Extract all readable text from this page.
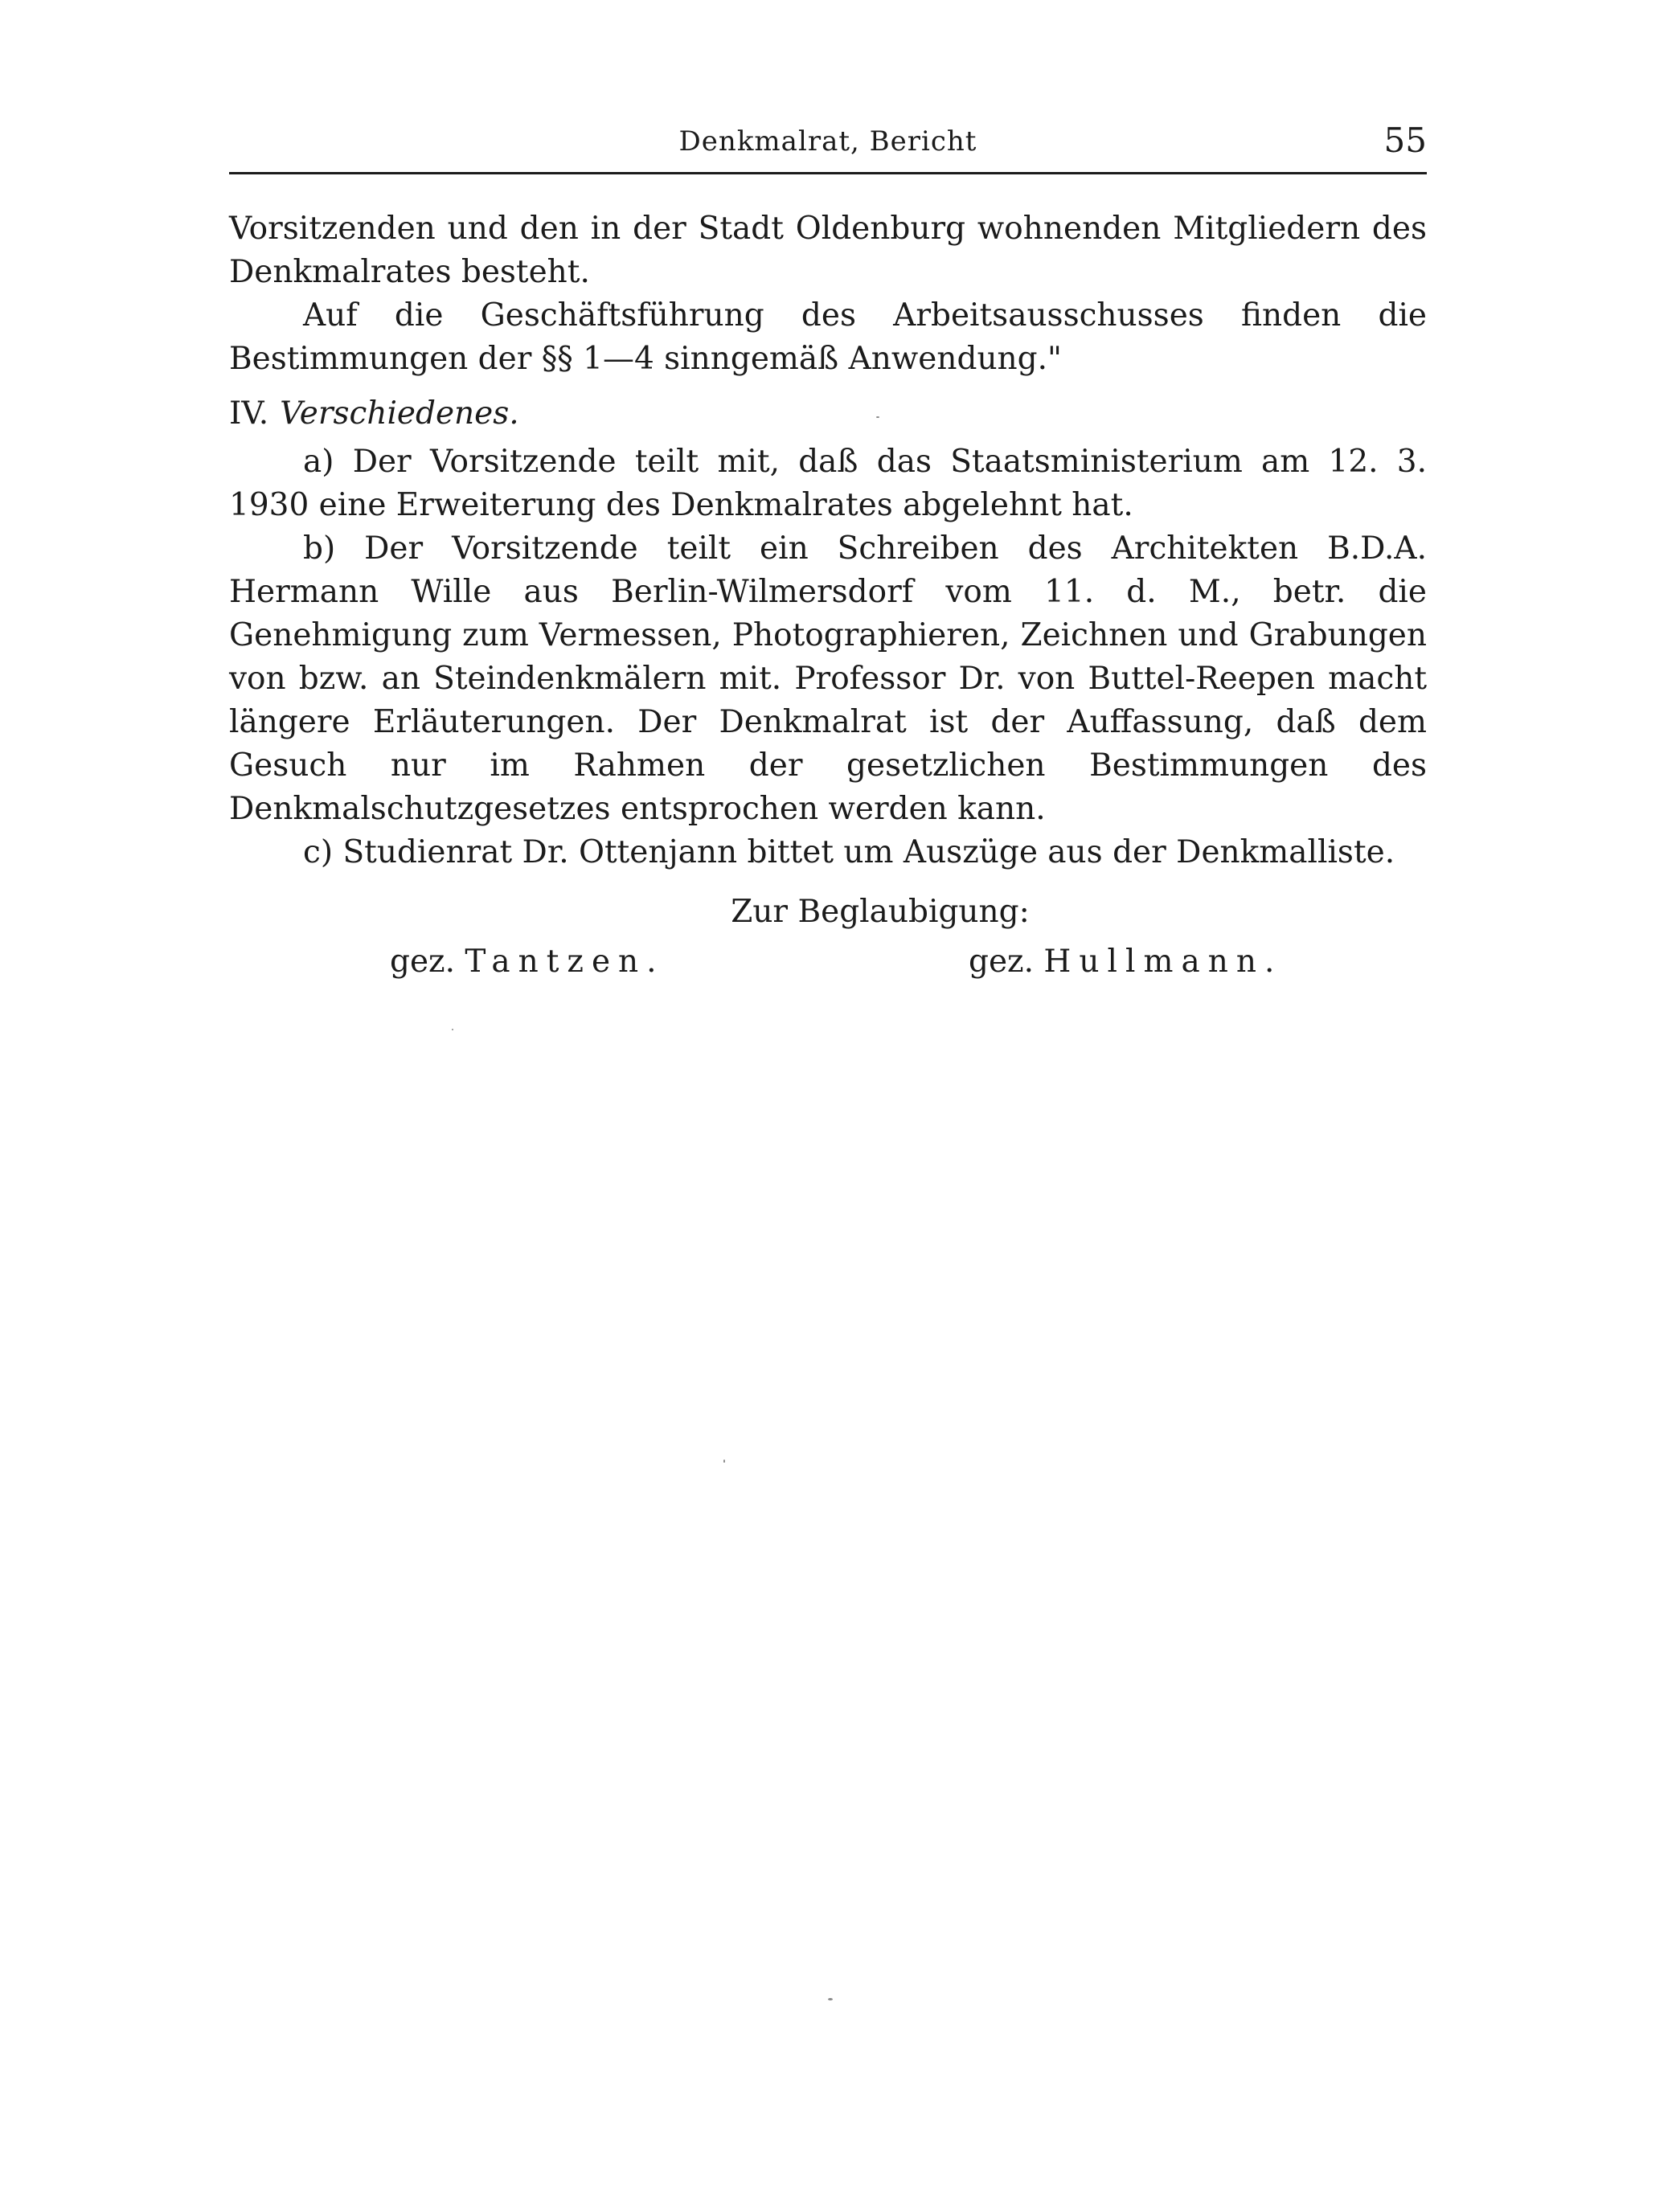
Denkmalrat, Bericht	55

Vorsitzenden und den in der Stadt Oldenburg wohnenden Mitgliedern des Denkmalrates besteht.

Auf die Geschäftsführung des Arbeitsausschusses finden die Bestimmungen der §§ 1—4 sinngemäß Anwendung."

IV. Verschiedenes.

a) Der Vorsitzende teilt mit, daß das Staatsministerium am 12. 3. 1930 eine Erweiterung des Denkmalrates abgelehnt hat.

b) Der Vorsitzende teilt ein Schreiben des Architekten B.D.A. Hermann Wille aus Berlin-Wilmersdorf vom 11. d. M., betr. die Genehmigung zum Vermessen, Photographieren, Zeichnen und Grabungen von bzw. an Steindenkmälern mit. Professor Dr. von Buttel-Reepen macht längere Erläuterungen. Der Denkmalrat ist der Auffassung, daß dem Gesuch nur im Rahmen der gesetzlichen Bestimmungen des Denkmalschutzgesetzes entsprochen werden kann.

c) Studienrat Dr. Ottenjann bittet um Auszüge aus der Denkmalliste.

Zur Beglaubigung:

gez. Tantzen.	gez. Hullmann.
